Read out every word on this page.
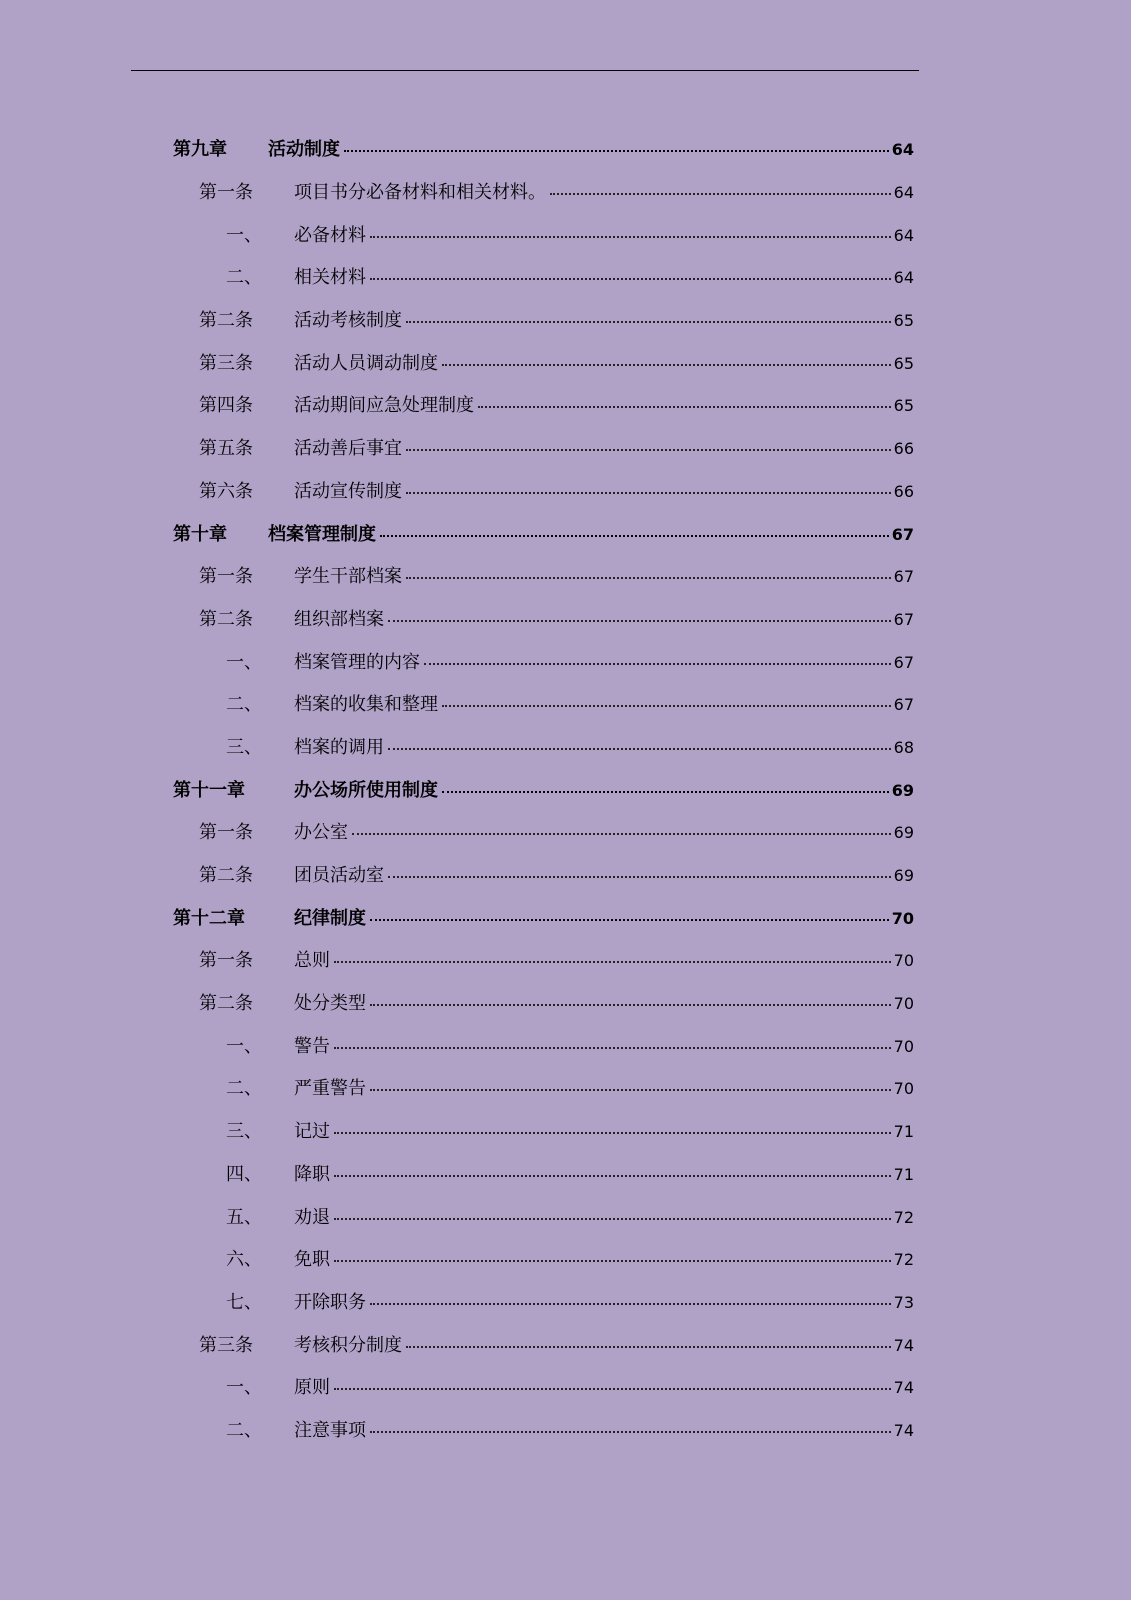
第九章 活动制度	64
第一条 项目书分必备材料和相关材料。	64
一、 必备材料	64
二、 相关材料	64
第二条 活动考核制度	65
第三条 活动人员调动制度	65
第四条 活动期间应急处理制度	65
第五条 活动善后事宜	66
第六条 活动宣传制度	66
第十章 档案管理制度	67
第一条 学生干部档案	67
第二条 组织部档案	67
一、 档案管理的内容	67
二、 档案的收集和整理	67
三、 档案的调用	68
第十一章	办公场所使用制度	69
第一条 办公室	69
第二条 团员活动室	69
第十二章	纪律制度	70
第一条 总则	70
第二条 处分类型	70
一、 警告	70
二、 严重警告	70
三、 记过	71
四、 降职	71
五、 劝退	72
六、 免职	72
七、 开除职务	73
第三条 考核积分制度	74
一、 原则	74
二、 注意事项	74
